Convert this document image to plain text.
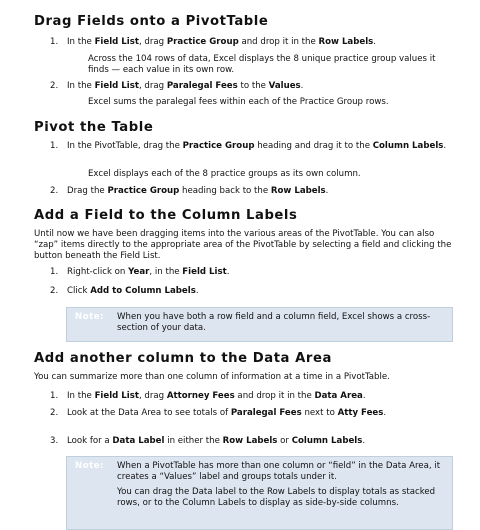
Drag Fields onto a PivotTable
1. In the Field List, drag Practice Group and drop it in the Row Labels.
Across the 104 rows of data, Excel displays the 8 unique practice group values it finds — each value in its own row.
2. In the Field List, drag Paralegal Fees to the Values.
Excel sums the paralegal fees within each of the Practice Group rows.
Pivot the Table
1. In the PivotTable, drag the Practice Group heading and drag it to the Column Labels.
Excel displays each of the 8 practice groups as its own column.
2. Drag the Practice Group heading back to the Row Labels.
Add a Field to the Column Labels
Until now we have been dragging items into the various areas of the PivotTable. You can also “zap” items directly to the appropriate area of the PivotTable by selecting a field and clicking the button beneath the Field List.
1. Right-click on Year, in the Field List.
2. Click Add to Column Labels.
Note: When you have both a row field and a column field, Excel shows a cross-section of your data.
Add another column to the Data Area
You can summarize more than one column of information at a time in a PivotTable.
1. In the Field List, drag Attorney Fees and drop it in the Data Area.
2. Look at the Data Area to see totals of Paralegal Fees next to Atty Fees.
3. Look for a Data Label in either the Row Labels or Column Labels.
Note: When a PivotTable has more than one column or “field” in the Data Area, it creates a “Values” label and groups totals under it.
You can drag the Data label to the Row Labels to display totals as stacked rows, or to the Column Labels to display as side-by-side columns.
